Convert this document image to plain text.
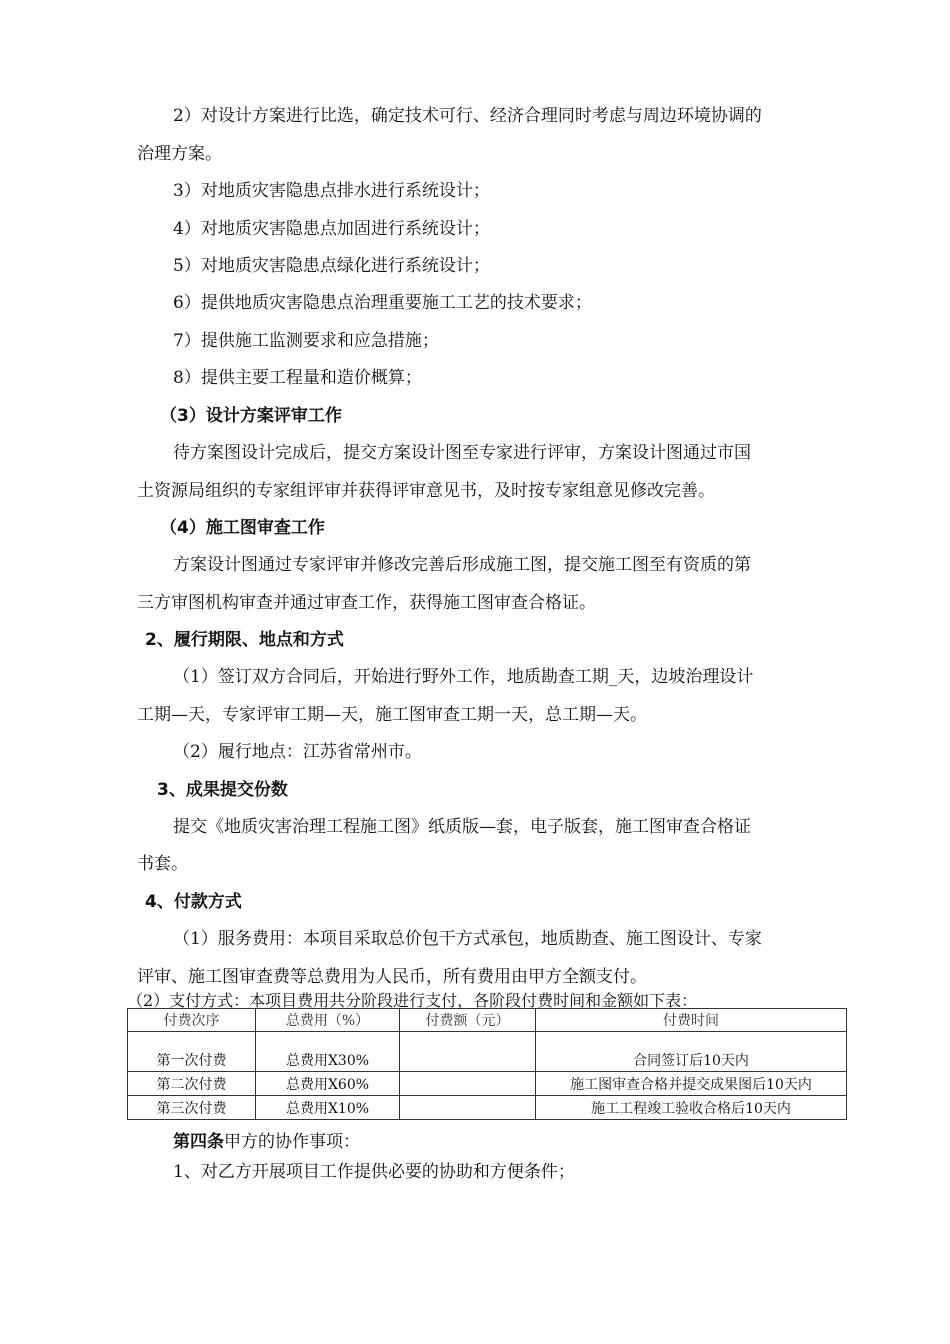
2）对设计方案进行比选，确定技术可行、经济合理同时考虑与周边环境协调的
治理方案。
3）对地质灾害隐患点排水进行系统设计；
4）对地质灾害隐患点加固进行系统设计；
5）对地质灾害隐患点绿化进行系统设计；
6）提供地质灾害隐患点治理重要施工工艺的技术要求；
7）提供施工监测要求和应急措施；
8）提供主要工程量和造价概算；
（3）设计方案评审工作
待方案图设计完成后，提交方案设计图至专家进行评审，方案设计图通过市国
土资源局组织的专家组评审并获得评审意见书，及时按专家组意见修改完善。
（4）施工图审查工作
方案设计图通过专家评审并修改完善后形成施工图，提交施工图至有资质的第
三方审图机构审查并通过审查工作，获得施工图审查合格证。
2、履行期限、地点和方式
（1）签订双方合同后，开始进行野外工作，地质勘查工期_天，边坡治理设计
工期—天，专家评审工期—天，施工图审查工期一天，总工期—天。
（2）履行地点：江苏省常州市。
3、成果提交份数
提交《地质灾害治理工程施工图》纸质版—套，电子版套，施工图审查合格证
书套。
4、付款方式
（1）服务费用：本项目采取总价包干方式承包，地质勘查、施工图设计、专家
评审、施工图审查费等总费用为人民币，所有费用由甲方全额支付。
（2）支付方式：本项目费用共分阶段进行支付，各阶段付费时间和金额如下表：
付费次序	总费用（%）	付费额（元）	付费时间
第一次付费	总费用X30%		合同签订后10天内
第二次付费	总费用X60%		施工图审查合格并提交成果图后10天内
第三次付费	总费用X10%		施工工程竣工验收合格后10天内
第四条甲方的协作事项：
1、对乙方开展项目工作提供必要的协助和方便条件；
